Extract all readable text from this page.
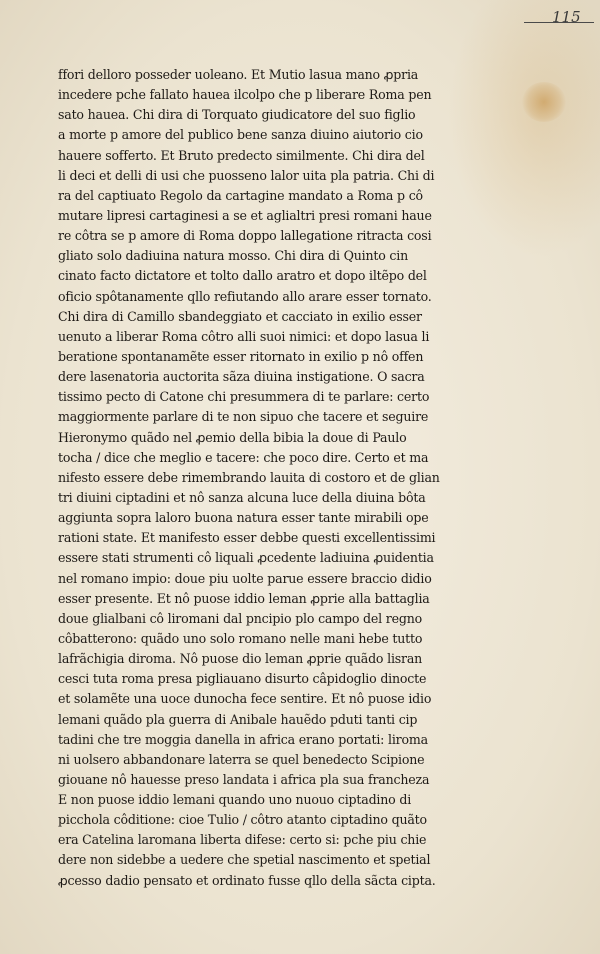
115
ffori delloro posseder uoleano. Et Mutio lasua mano ꝓpria
incedere pche fallato hauea ilcolpo che p liberare Roma pen
sato hauea. Chi dira di Torquato giudicatore del suo figlio
a morte p amore del publico bene sanza diuino aiutorio cio
hauere sofferto. Et Bruto predecto similmente. Chi dira del
li deci et delli di usi che puosseno lalor uita pla patria. Chi di
ra del captiuato Regolo da cartagine mandato a Roma p cô
mutare lipresi cartaginesi a se et aglialtri presi romani haue
re côtra se p amore di Roma doppo lallegatione ritracta cosi
gliato solo dadiuina natura mosso. Chi dira di Quinto cin
cinato facto dictatore et tolto dallo aratro et dopo iltẽpo del
oficio spôtanamente qllo refiutando allo arare esser tornato.
Chi dira di Camillo sbandeggiato et cacciato in exilio esser
uenuto a liberar Roma côtro alli suoi nimici: et dopo lasua li
beratione spontanamẽte esser ritornato in exilio p nô offen
dere lasenatoria auctorita sãza diuina instigatione. O sacra
tissimo pecto di Catone chi presummera di te parlare: certo
maggiormente parlare di te non sipuo che tacere et seguire
Hieronymo quãdo nel ꝓemio della bibia la doue di Paulo
tocha / dice che meglio e tacere: che poco dire. Certo et ma
nifesto essere debe rimembrando lauita di costoro et de glian
tri diuini ciptadini et nô sanza alcuna luce della diuina bôta
aggiunta sopra laloro buona natura esser tante mirabili ope
rationi state. Et manifesto esser debbe questi excellentissimi
essere stati strumenti cô liquali ꝓcedente ladiuina ꝓuidentia
nel romano impio: doue piu uolte parue essere braccio didio
esser presente. Et nô puose iddio leman ꝓprie alla battaglia
doue glialbani cô liromani dal pncipio plo campo del regno
côbatterono: quãdo uno solo romano nelle mani hebe tutto
lafrãchigia diroma. Nô puose dio leman ꝓprie quãdo lisran
cesci tuta roma presa pigliauano disurto câpidoglio dinocte
et solamẽte una uoce dunocha fece sentire. Et nô puose idio
lemani quãdo pla guerra di Anibale hauẽdo pduti tanti cip
tadini che tre moggia danella in africa erano portati: liroma
ni uolsero abbandonare laterra se quel benedecto Scipione
giouane nô hauesse preso landata i africa pla sua francheza
E non puose iddio lemani quando uno nuouo ciptadino di
picchola côditione: cioe Tulio / côtro atanto ciptadino quãto
era Catelina laromana liberta difese: certo si: pche piu chie
dere non sidebbe a uedere che spetial nascimento et spetial
ꝓcesso dadio pensato et ordinato fusse qllo della sãcta cipta.
